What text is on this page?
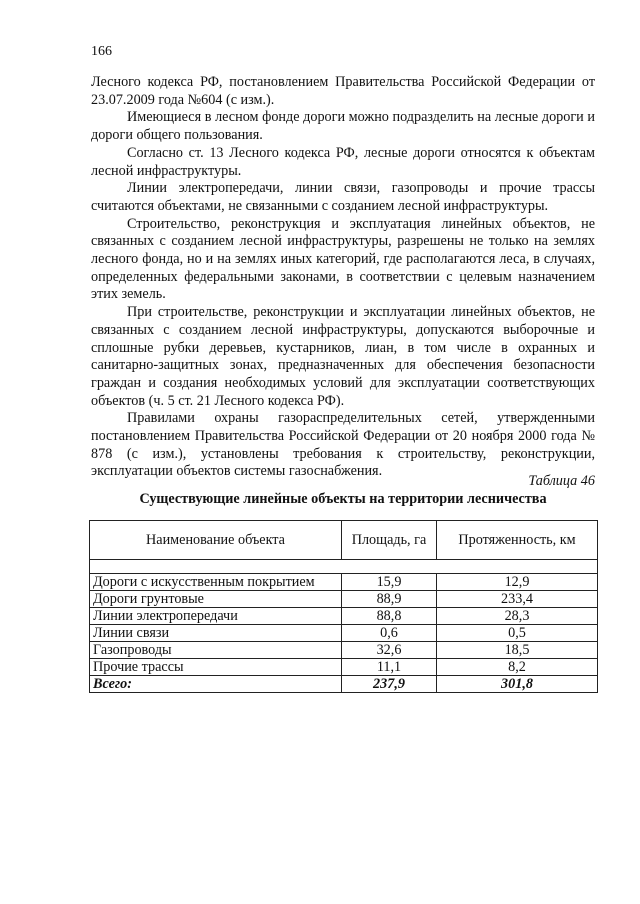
166

Лесного кодекса РФ, постановлением Правительства Российской Федерации от 23.07.2009 года №604 (с изм.).

Имеющиеся в лесном фонде дороги можно подразделить на лесные дороги и дороги общего пользования.

Согласно ст. 13 Лесного кодекса РФ, лесные дороги относятся к объектам лесной инфраструктуры.

Линии электропередачи, линии связи, газопроводы и прочие трассы считаются объектами, не связанными с созданием лесной инфраструктуры.

Строительство, реконструкция и эксплуатация линейных объектов, не связанных с созданием лесной инфраструктуры, разрешены не только на землях лесного фонда, но и на землях иных категорий, где располагаются леса, в случаях, определенных федеральными законами, в соответствии с целевым назначением этих земель.

При строительстве, реконструкции и эксплуатации линейных объектов, не связанных с созданием лесной инфраструктуры, допускаются выборочные и сплошные рубки деревьев, кустарников, лиан, в том числе в охранных и санитарно-защитных зонах, предназначенных для обеспечения безопасности граждан и создания необходимых условий для эксплуатации соответствующих объектов (ч. 5 ст. 21 Лесного кодекса РФ).

Правилами охраны газораспределительных сетей, утвержденными постановлением Правительства Российской Федерации от 20 ноября 2000 года № 878 (с изм.), установлены требования к строительству, реконструкции, эксплуатации объектов системы газоснабжения.

Таблица 46
Существующие линейные объекты на территории лесничества
Наименование объекта	Площадь, га	Протяженность, км

Дороги с искусственным покрытием	15,9	12,9
Дороги грунтовые	88,9	233,4
Линии электропередачи	88,8	28,3
Линии связи	0,6	0,5
Газопроводы	32,6	18,5
Прочие трассы	11,1	8,2
Всего:	237,9	301,8
